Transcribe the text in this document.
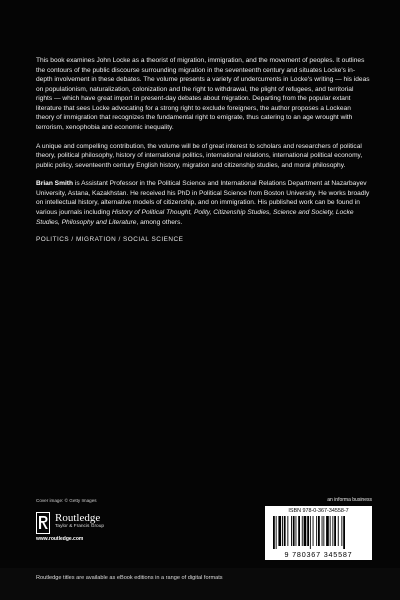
This book examines John Locke as a theorist of migration, immigration, and the movement of peoples. It outlines the contours of the public discourse surrounding migration in the seventeenth century and situates Locke's in-depth involvement in these debates. The volume presents a variety of undercurrents in Locke's writing — his ideas on populationism, naturalization, colonization and the right to withdrawal, the plight of refugees, and territorial rights — which have great import in present-day debates about migration. Departing from the popular extant literature that sees Locke advocating for a strong right to exclude foreigners, the author proposes a Lockean theory of immigration that recognizes the fundamental right to emigrate, thus catering to an age wrought with terrorism, xenophobia and economic inequality.

A unique and compelling contribution, the volume will be of great interest to scholars and researchers of political theory, political philosophy, history of international politics, international relations, international political economy, public policy, seventeenth century English history, migration and citizenship studies, and moral philosophy.

Brian Smith is Assistant Professor in the Political Science and International Relations Department at Nazarbayev University, Astana, Kazakhstan. He received his PhD in Political Science from Boston University. He works broadly on intellectual history, alternative models of citizenship, and on immigration. His published work can be found in various journals including History of Political Thought, Polity, Citizenship Studies, Science and Society, Locke Studies, Philosophy and Literature, among others.

POLITICS / MIGRATION / SOCIAL SCIENCE

Cover image: © Getty Images
Routledge
Taylor & Francis Group
www.routledge.com
an informa business
ISBN 978-0-367-34558-7
9 780367 345587
Routledge titles are available as eBook editions in a range of digital formats
